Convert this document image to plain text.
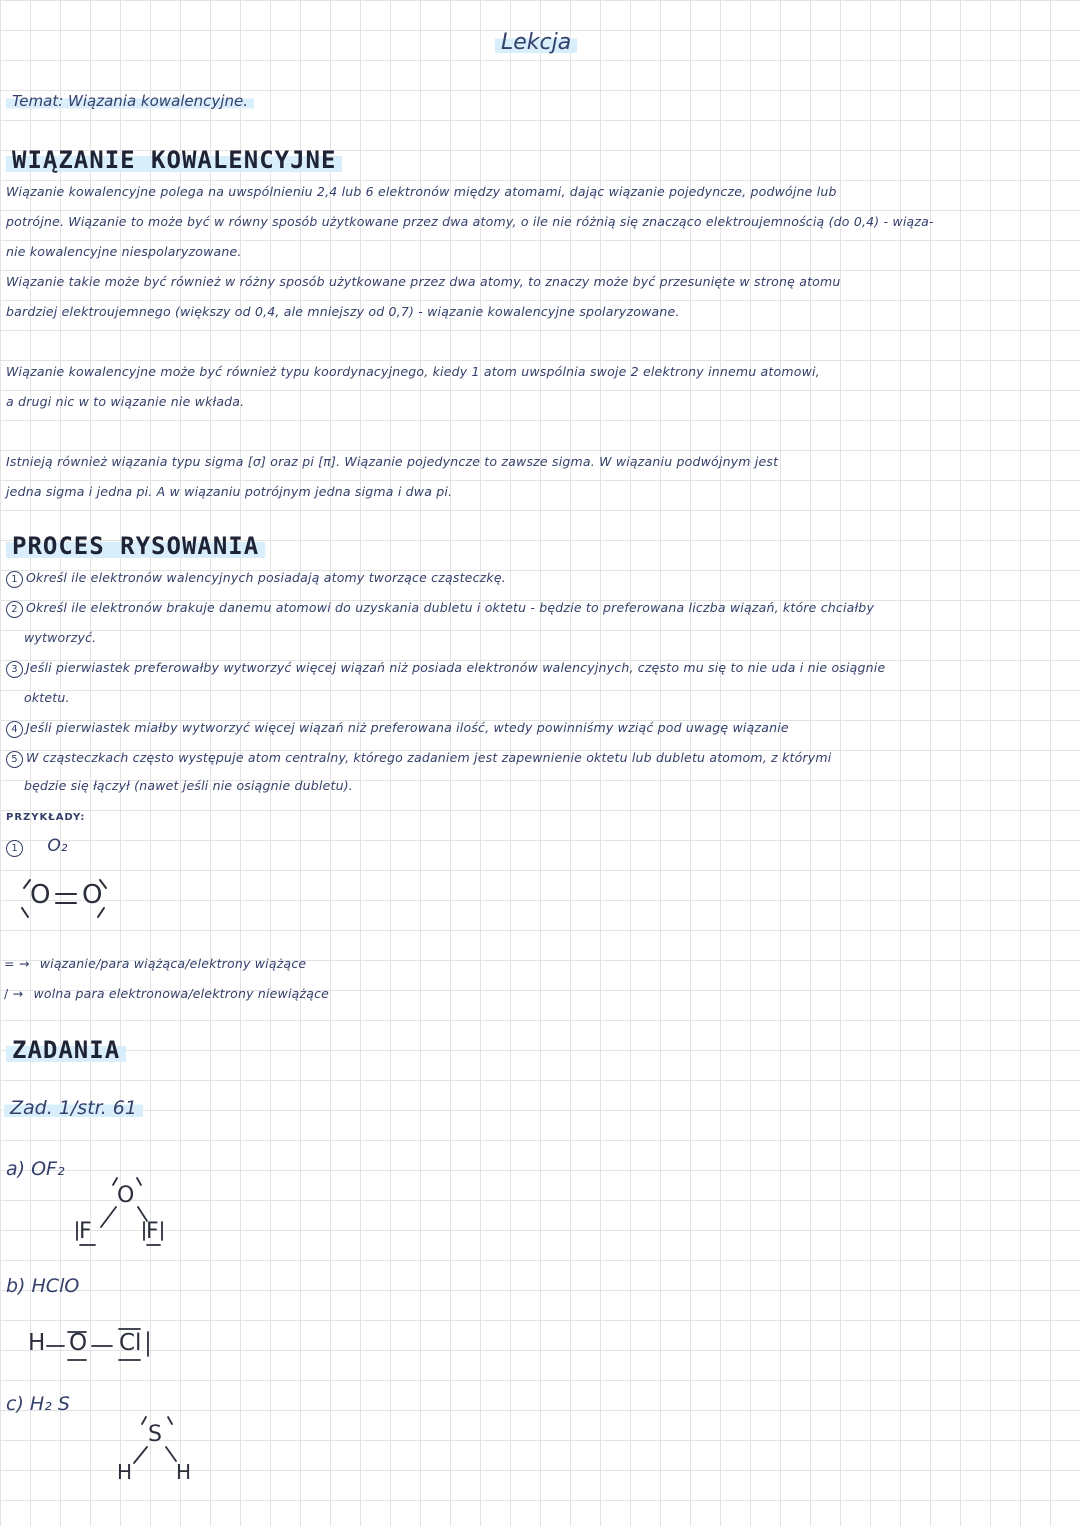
Lekcja
Temat: Wiązania kowalencyjne.
WIĄZANIE KOWALENCYJNE
Wiązanie kowalencyjne polega na uwspólnieniu 2,4 lub 6 elektronów między atomami, dając wiązanie pojedyncze, podwójne lub
potrójne. Wiązanie to może być w równy sposób użytkowane przez dwa atomy, o ile nie różnią się znacząco elektroujemnością (do 0,4) - wiąza-
nie kowalencyjne niespolaryzowane.
Wiązanie takie może być również w różny sposób użytkowane przez dwa atomy, to znaczy może być przesunięte w stronę atomu
bardziej elektroujemnego (większy od 0,4, ale mniejszy od 0,7) - wiązanie kowalencyjne spolaryzowane.
Wiązanie kowalencyjne może być również typu koordynacyjnego, kiedy 1 atom uwspólnia swoje 2 elektrony innemu atomowi,
a drugi nic w to wiązanie nie wkłada.
Istnieją również wiązania typu sigma [σ] oraz pi [π]. Wiązanie pojedyncze to zawsze sigma. W wiązaniu podwójnym jest
jedna sigma i jedna pi. A w wiązaniu potrójnym jedna sigma i dwa pi.
PROCES RYSOWANIA
1 Określ ile elektronów walencyjnych posiadają atomy tworzące cząsteczkę.
2 Określ ile elektronów brakuje danemu atomowi do uzyskania dubletu i oktetu - będzie to preferowana liczba wiązań, które chciałby
wytworzyć.
3 Jeśli pierwiastek preferowałby wytworzyć więcej wiązań niż posiada elektronów walencyjnych, często mu się to nie uda i nie osiągnie
oktetu.
4 Jeśli pierwiastek miałby wytworzyć więcej wiązań niż preferowana ilość, wtedy powinniśmy wziąć pod uwagę wiązanie
5 W cząsteczkach często występuje atom centralny, którego zadaniem jest zapewnienie oktetu lub dubletu atomom, z którymi
będzie się łączył (nawet jeśli nie osiągnie dubletu).
PRZYKŁADY:
1 O₂
O O
= → wiązanie/para wiążąca/elektrony wiążące
/ → wolna para elektronowa/elektrony niewiążące
ZADANIA
Zad. 1/str. 61
a) OF₂
O
F F
b) HClO
H O Cl
c) H₂ S
S
H H
